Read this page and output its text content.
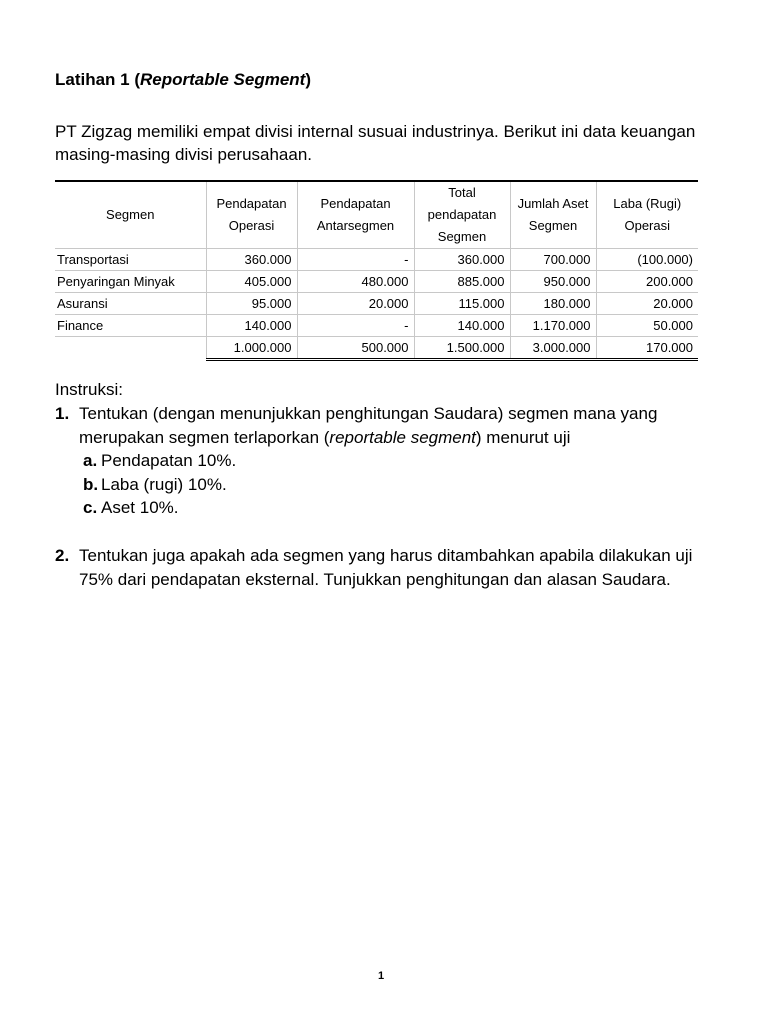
Latihan 1 (Reportable Segment)
PT Zigzag memiliki empat divisi internal susuai industrinya. Berikut ini data keuangan masing-masing divisi perusahaan.
Segmen	Pendapatan Operasi	Pendapatan Antarsegmen	Total pendapatan Segmen	Jumlah Aset Segmen	Laba (Rugi) Operasi
Transportasi	360.000	-	360.000	700.000	(100.000)
Penyaringan Minyak	405.000	480.000	885.000	950.000	200.000
Asuransi	95.000	20.000	115.000	180.000	20.000
Finance	140.000	-	140.000	1.170.000	50.000
	1.000.000	500.000	1.500.000	3.000.000	170.000
Instruksi:
1. Tentukan (dengan menunjukkan penghitungan Saudara) segmen mana yang merupakan segmen terlaporkan (reportable segment) menurut uji
a. Pendapatan 10%.
b. Laba (rugi) 10%.
c. Aset 10%.
2. Tentukan juga apakah ada segmen yang harus ditambahkan apabila dilakukan uji 75% dari pendapatan eksternal. Tunjukkan penghitungan dan alasan Saudara.
1
